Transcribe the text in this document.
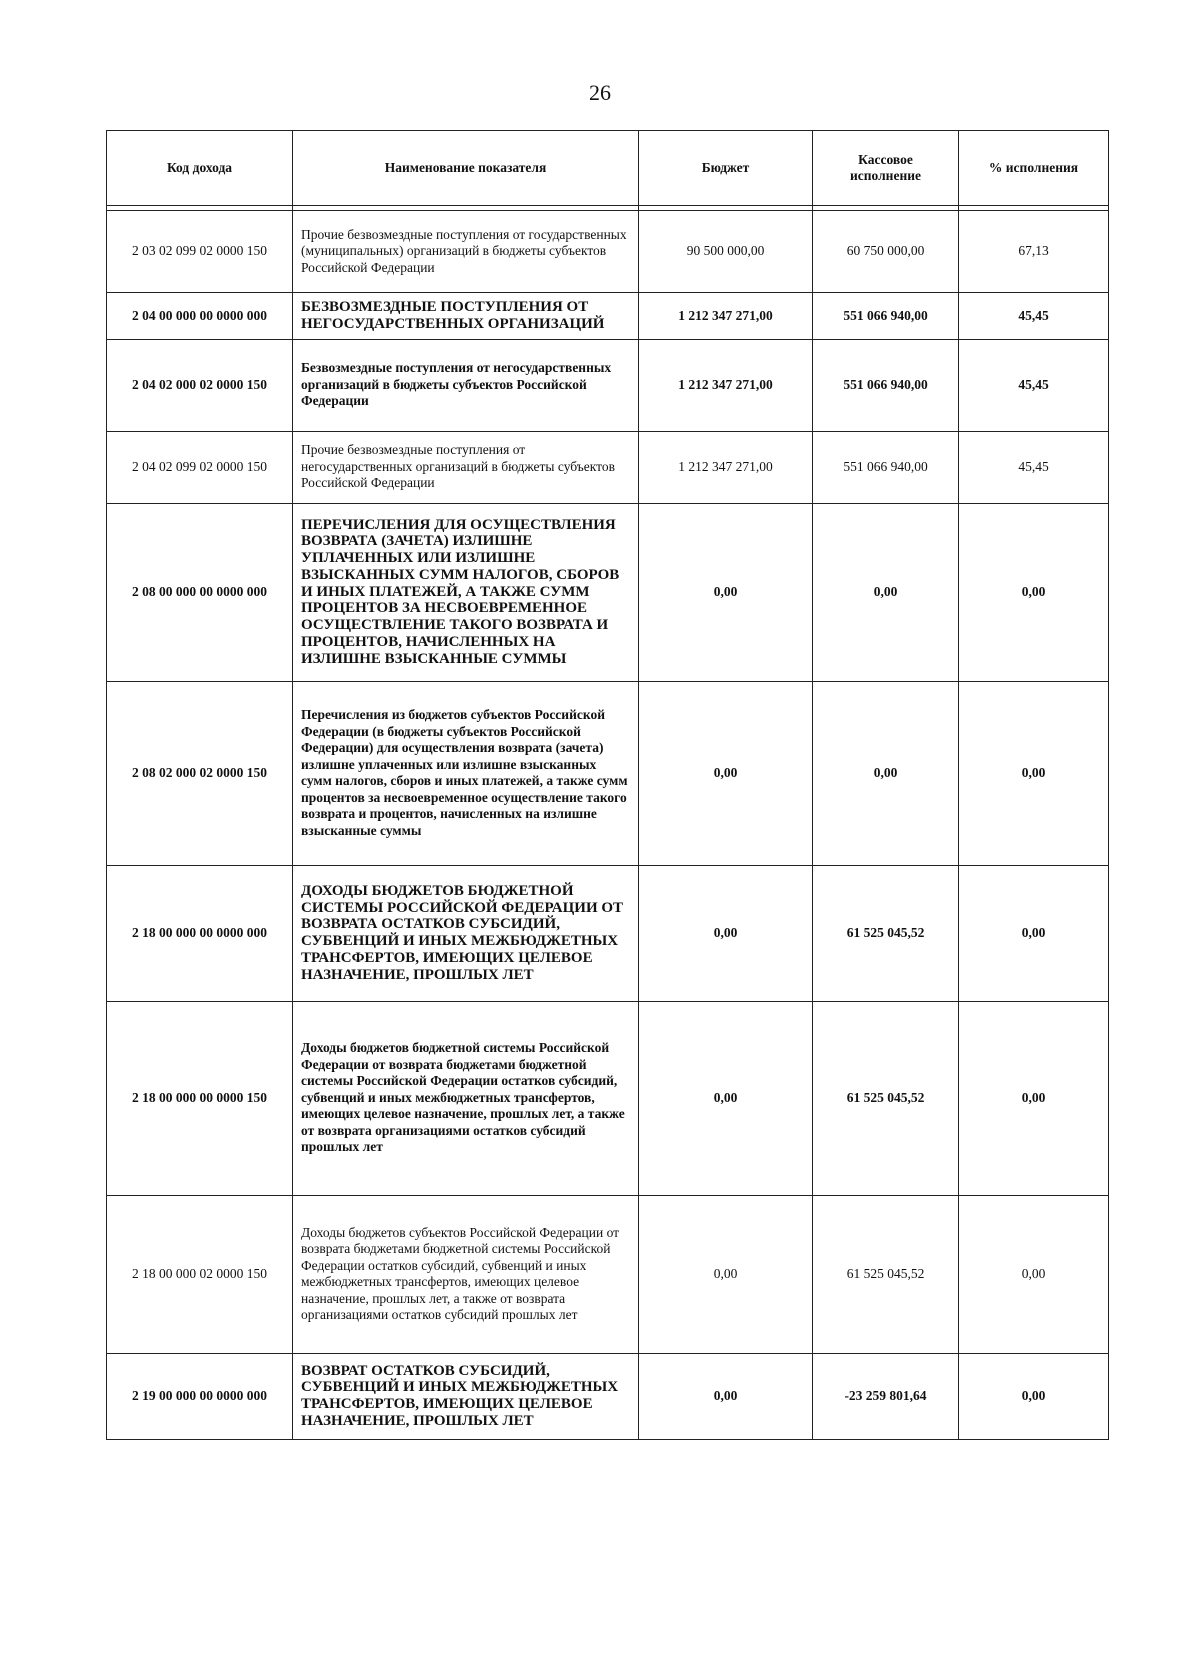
26
Код дохода	Наименование показателя	Бюджет	Кассовое исполнение	% исполнения

2 03 02 099 02 0000 150	Прочие безвозмездные поступления от государственных (муниципальных) организаций в бюджеты субъектов Российской Федерации	90 500 000,00	60 750 000,00	67,13
2 04 00 000 00 0000 000	БЕЗВОЗМЕЗДНЫЕ ПОСТУПЛЕНИЯ ОТ НЕГОСУДАРСТВЕННЫХ ОРГАНИЗАЦИЙ	1 212 347 271,00	551 066 940,00	45,45
2 04 02 000 02 0000 150	Безвозмездные поступления от негосударственных организаций в бюджеты субъектов Российской Федерации	1 212 347 271,00	551 066 940,00	45,45
2 04 02 099 02 0000 150	Прочие безвозмездные поступления от негосударственных организаций в бюджеты субъектов Российской Федерации	1 212 347 271,00	551 066 940,00	45,45
2 08 00 000 00 0000 000	ПЕРЕЧИСЛЕНИЯ ДЛЯ ОСУЩЕСТВЛЕНИЯ ВОЗВРАТА (ЗАЧЕТА) ИЗЛИШНЕ УПЛАЧЕННЫХ ИЛИ ИЗЛИШНЕ ВЗЫСКАННЫХ СУММ НАЛОГОВ, СБОРОВ И ИНЫХ ПЛАТЕЖЕЙ, А ТАКЖЕ СУММ ПРОЦЕНТОВ ЗА НЕСВОЕВРЕМЕННОЕ ОСУЩЕСТВЛЕНИЕ ТАКОГО ВОЗВРАТА И ПРОЦЕНТОВ, НАЧИСЛЕННЫХ НА ИЗЛИШНЕ ВЗЫСКАННЫЕ СУММЫ	0,00	0,00	0,00
2 08 02 000 02 0000 150	Перечисления из бюджетов субъектов Российской Федерации (в бюджеты субъектов Российской Федерации) для осуществления возврата (зачета) излишне уплаченных или излишне взысканных сумм налогов, сборов и иных платежей, а также сумм процентов за несвоевременное осуществление такого возврата и процентов, начисленных на излишне взысканные суммы	0,00	0,00	0,00
2 18 00 000 00 0000 000	ДОХОДЫ БЮДЖЕТОВ БЮДЖЕТНОЙ СИСТЕМЫ РОССИЙСКОЙ ФЕДЕРАЦИИ ОТ ВОЗВРАТА ОСТАТКОВ СУБСИДИЙ, СУБВЕНЦИЙ И ИНЫХ МЕЖБЮДЖЕТНЫХ ТРАНСФЕРТОВ, ИМЕЮЩИХ ЦЕЛЕВОЕ НАЗНАЧЕНИЕ, ПРОШЛЫХ ЛЕТ	0,00	61 525 045,52	0,00
2 18 00 000 00 0000 150	Доходы бюджетов бюджетной системы Российской Федерации от возврата бюджетами бюджетной системы Российской Федерации остатков субсидий, субвенций и иных межбюджетных трансфертов, имеющих целевое назначение, прошлых лет, а также от возврата организациями остатков субсидий прошлых лет	0,00	61 525 045,52	0,00
2 18 00 000 02 0000 150	Доходы бюджетов субъектов Российской Федерации от возврата бюджетами бюджетной системы Российской Федерации остатков субсидий, субвенций и иных межбюджетных трансфертов, имеющих целевое назначение, прошлых лет, а также от возврата организациями остатков субсидий прошлых лет	0,00	61 525 045,52	0,00
2 19 00 000 00 0000 000	ВОЗВРАТ ОСТАТКОВ СУБСИДИЙ, СУБВЕНЦИЙ И ИНЫХ МЕЖБЮДЖЕТНЫХ ТРАНСФЕРТОВ, ИМЕЮЩИХ ЦЕЛЕВОЕ НАЗНАЧЕНИЕ, ПРОШЛЫХ ЛЕТ	0,00	-23 259 801,64	0,00
